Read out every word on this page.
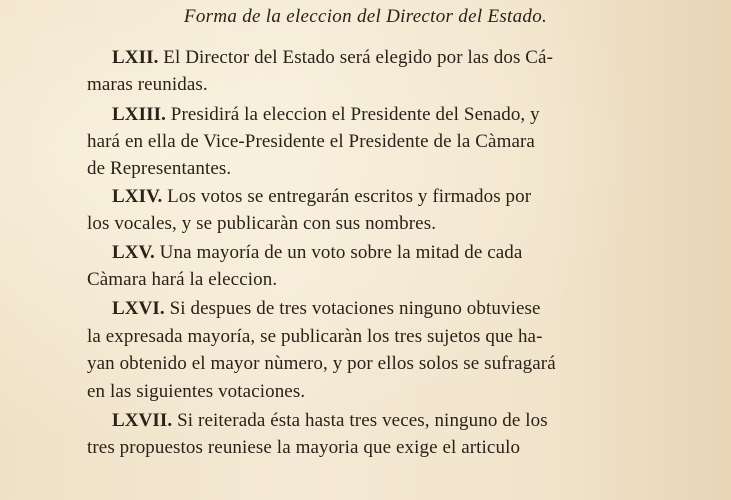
Forma de la eleccion del Director del Estado.
LXII. El Director del Estado será elegido por las dos Cá-
maras reunidas.
LXIII. Presidirá la eleccion el Presidente del Senado, y
hará en ella de Vice-Presidente el Presidente de la Càmara
de Representantes.
LXIV. Los votos se entregarán escritos y firmados por
los vocales, y se publicaràn con sus nombres.
LXV. Una mayoría de un voto sobre la mitad de cada
Càmara hará la eleccion.
LXVI. Si despues de tres votaciones ninguno obtuviese
la expresada mayoría, se publicaràn los tres sujetos que ha-
yan obtenido el mayor nùmero, y por ellos solos se sufragará
en las siguientes votaciones.
LXVII. Si reiterada ésta hasta tres veces, ninguno de los
tres propuestos reuniese la mayoria que exige el articulo
